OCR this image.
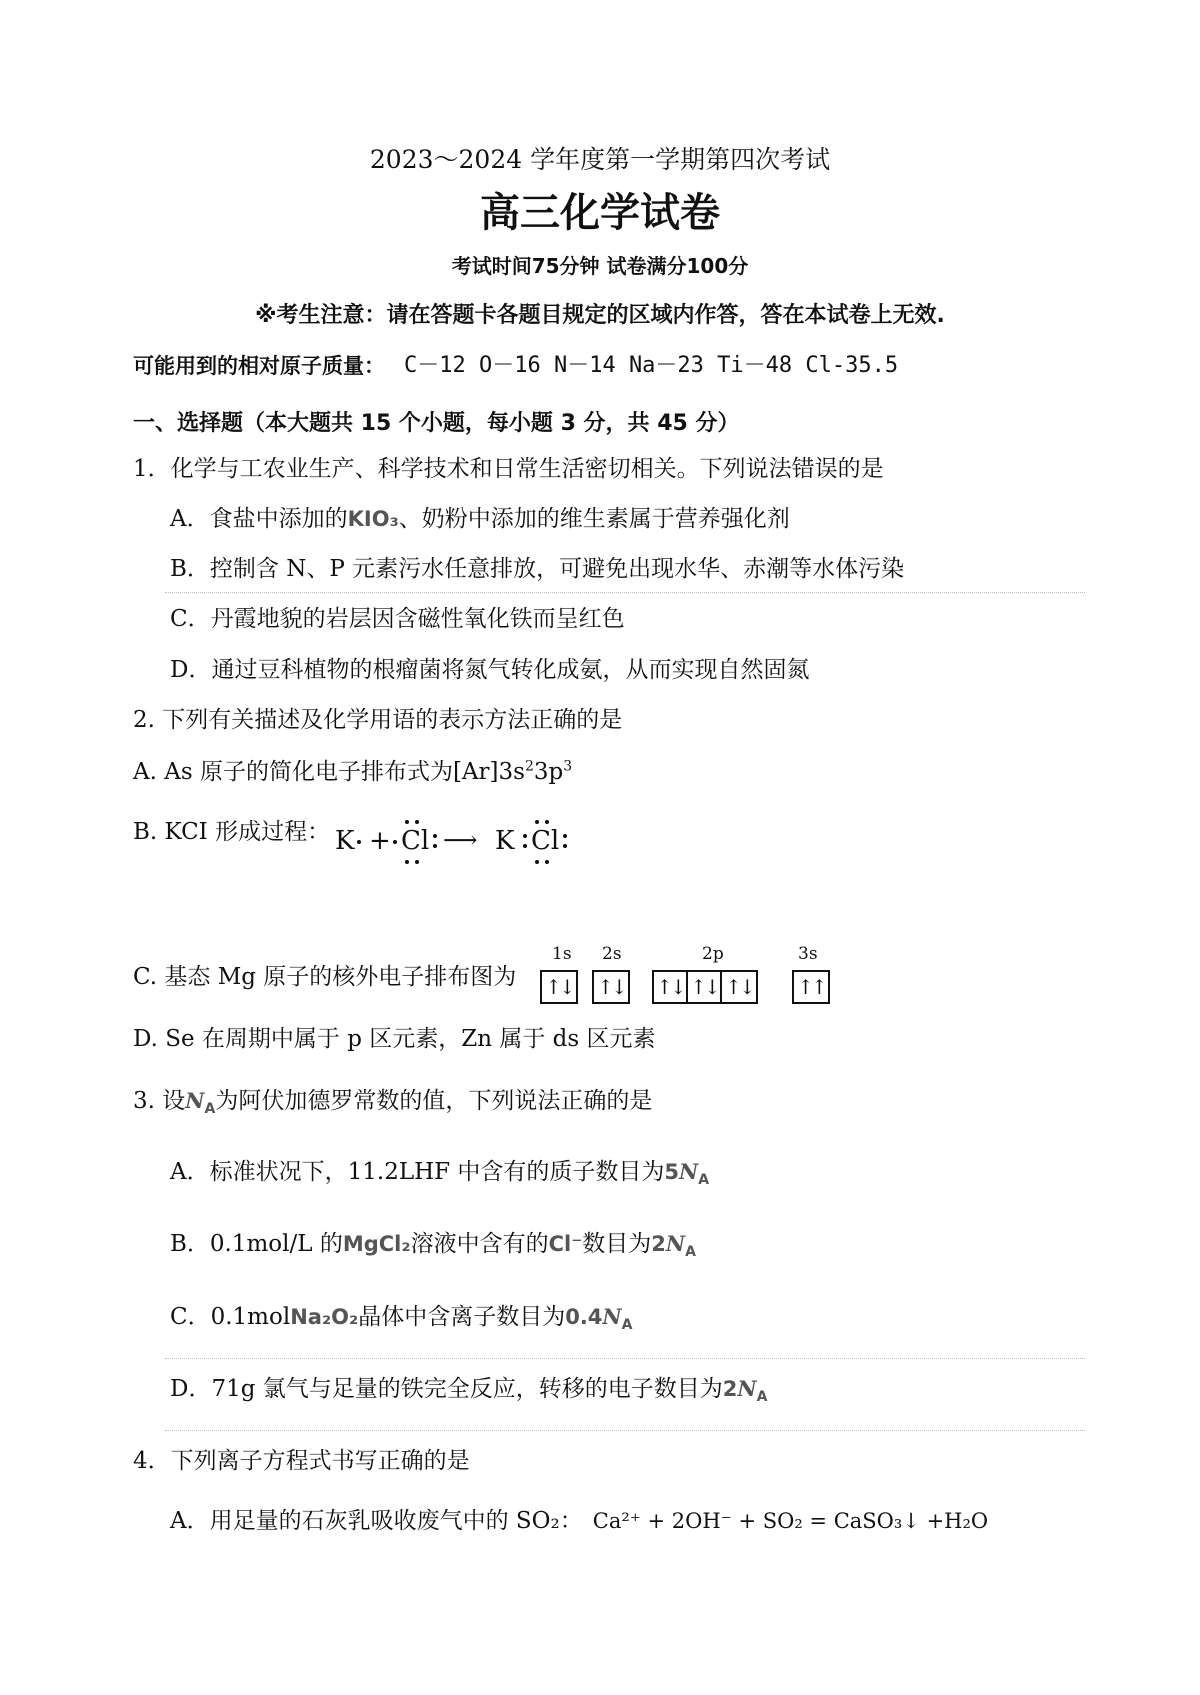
2023～2024 学年度第一学期第四次考试
高三化学试卷
考试时间75分钟 试卷满分100分
※考生注意：请在答题卡各题目规定的区域内作答，答在本试卷上无效.
可能用到的相对原子质量： C－12 O－16 N－14 Na－23 Ti－48 Cl-35.5
一、选择题（本大题共 15 个小题，每小题 3 分，共 45 分）
1．化学与工农业生产、科学技术和日常生活密切相关。下列说法错误的是
A．食盐中添加的KIO₃、奶粉中添加的维生素属于营养强化剂
B．控制含 N、P 元素污水任意排放，可避免出现水华、赤潮等水体污染
C．丹霞地貌的岩层因含磁性氧化铁而呈红色
D．通过豆科植物的根瘤菌将氮气转化成氨，从而实现自然固氮
2. 下列有关描述及化学用语的表示方法正确的是
A. As 原子的简化电子排布式为$[Ar]3s^23p^3$
B. KCI 形成过程： K + Cl ⟶ K Cl
C. 基态 Mg 原子的核外电子排布图为
1s 2s	2p	3s
↑↓ ↑↓ ↑↓ ↑↓ ↑↓ ↑↑
D. Se 在周期中属于 p 区元素，Zn 属于 ds 区元素
3. 设$N_A$为阿伏加德罗常数的值，下列说法正确的是
A．标准状况下，11.2LHF 中含有的质子数目为$5N_A$
B．0.1mol/L 的MgCl₂溶液中含有的Cl⁻数目为$2N_A$
C．0.1molNa₂O₂晶体中含离子数目为$0.4N_A$
D．71g 氯气与足量的铁完全反应，转移的电子数目为$2N_A$
4．下列离子方程式书写正确的是
A．用足量的石灰乳吸收废气中的 SO₂： Ca²⁺ + 2OH⁻ + SO₂ = CaSO₃↓ +H₂O
